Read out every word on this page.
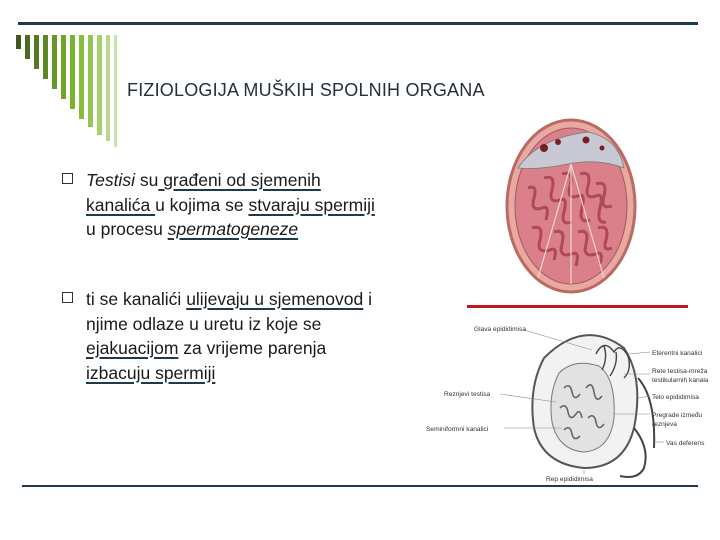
FIZIOLOGIJA MUŠKIH SPOLNIH ORGANA
Testisi su građeni od sjemenih
kanalića u kojima se stvaraju spermiji
u procesu spermatogeneze
ti se kanalići ulijevaju u sjemenovod i
njime odlaze u uretu iz koje se
ejakuacijom za vrijeme parenja
izbacuju spermiji
Glava epididimisa
Eferentni kanalici
Rete testisa-mreža
testikularnih kanala
Reznjevi testisa	Telo epididimisa
Pregrade između
reznjeva
Seminiformni kanalici
Vas deferens
Rep epididimisa
